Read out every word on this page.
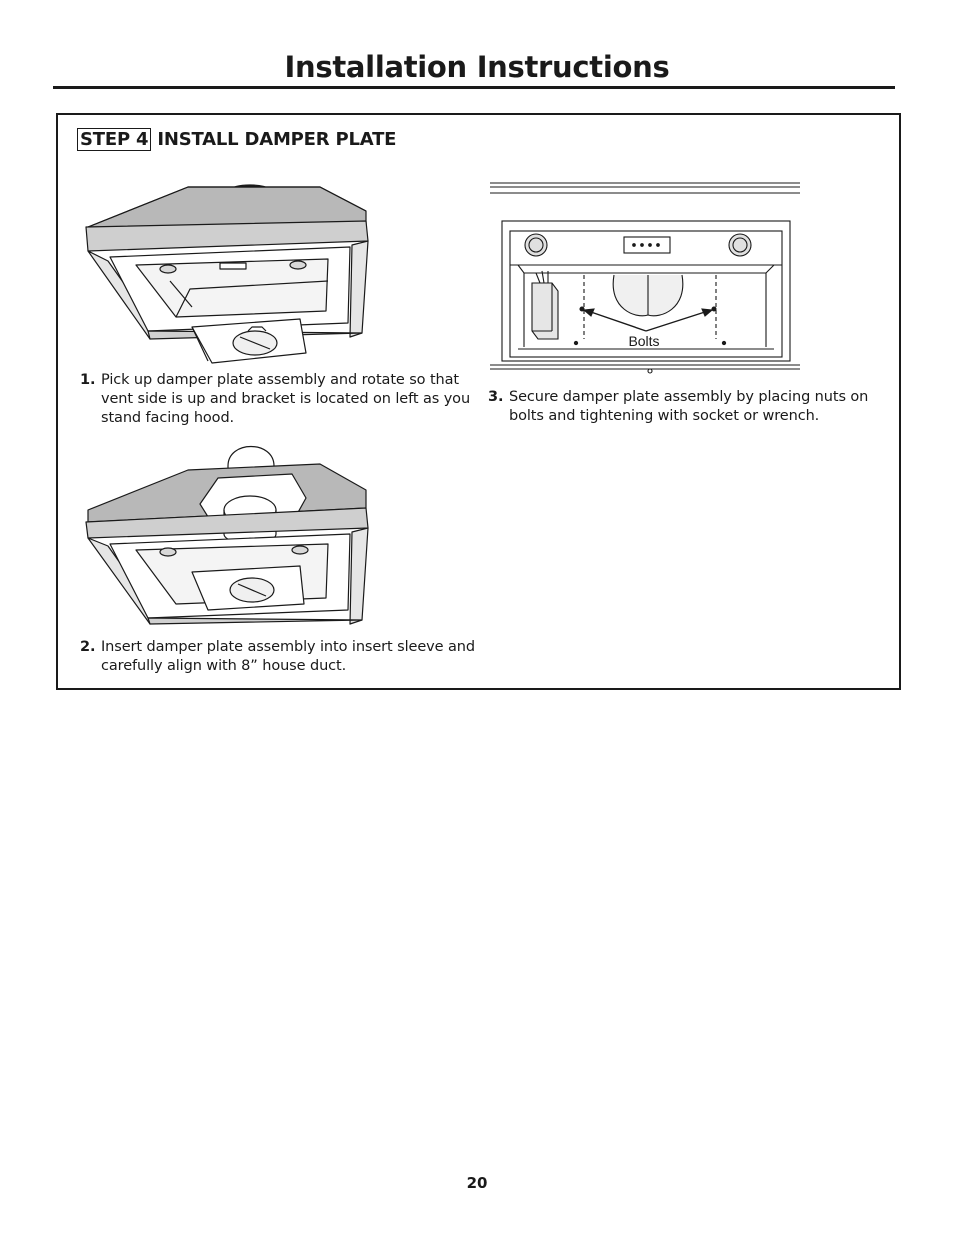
Installation Instructions
STEP 4 INSTALL DAMPER PLATE

1. Pick up damper plate assembly and rotate so that vent side is up and bracket is located on left as you stand facing hood.

2. Insert damper plate assembly into insert sleeve and carefully align with 8” house duct.

Bolts

3. Secure damper plate assembly by placing nuts on bolts and tightening with socket or wrench.

20
